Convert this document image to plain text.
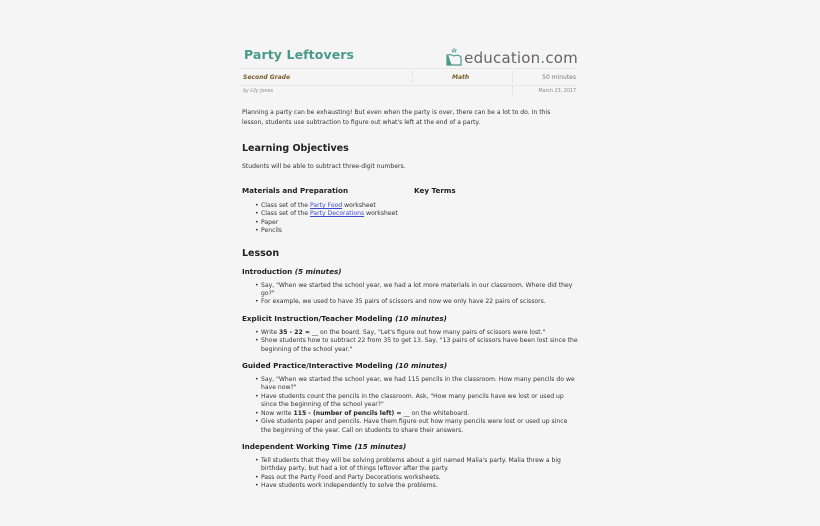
Party Leftovers	education.com
Second Grade	Math	50 minutes
by Lily Jones	March 23, 2017

Planning a party can be exhausting! But even when the party is over, there can be a lot to do. In this lesson, students use subtraction to figure out what's left at the end of a party.

Learning Objectives

Students will be able to subtract three-digit numbers.

Materials and Preparation	Key Terms
• Class set of the Party Food worksheet
• Class set of the Party Decorations worksheet
• Paper
• Pencils
Lesson
Introduction (5 minutes)
• Say, "When we started the school year, we had a lot more materials in our classroom. Where did they go?"
• For example, we used to have 35 pairs of scissors and now we only have 22 pairs of scissors.
Explicit Instruction/Teacher Modeling (10 minutes)
• Write 35 - 22 = __ on the board. Say, "Let's figure out how many pairs of scissors were lost."
• Show students how to subtract 22 from 35 to get 13. Say, "13 pairs of scissors have been lost since the beginning of the school year."
Guided Practice/Interactive Modeling (10 minutes)
• Say, "When we started the school year, we had 115 pencils in the classroom. How many pencils do we have now?"
• Have students count the pencils in the classroom. Ask, "How many pencils have we lost or used up since the beginning of the school year?"
• Now write 115 - (number of pencils left) = __ on the whiteboard.
• Give students paper and pencils. Have them figure out how many pencils were lost or used up since the beginning of the year. Call on students to share their answers.
Independent Working Time (15 minutes)
• Tell students that they will be solving problems about a girl named Malia's party. Malia threw a big birthday party, but had a lot of things leftover after the party.
• Pass out the Party Food and Party Decorations worksheets.
• Have students work independently to solve the problems.
